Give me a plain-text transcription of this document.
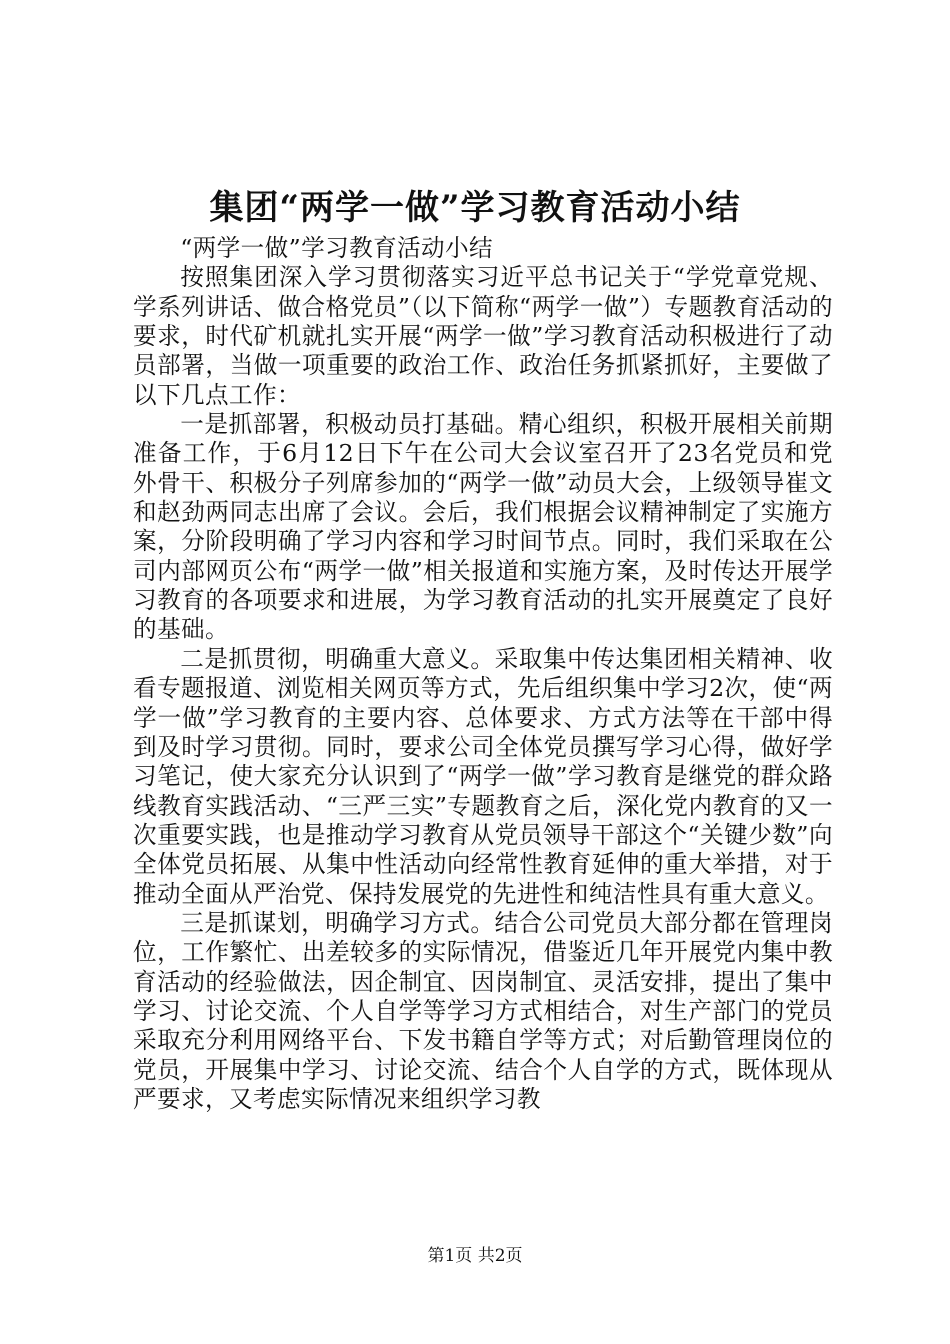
集团“两学一做”学习教育活动小结

“两学一做”学习教育活动小结

按照集团深入学习贯彻落实习近平总书记关于“学党章党规、学系列讲话、做合格党员”（以下简称“两学一做”）专题教育活动的要求，时代矿机就扎实开展“两学一做”学习教育活动积极进行了动员部署，当做一项重要的政治工作、政治任务抓紧抓好，主要做了以下几点工作：

一是抓部署，积极动员打基础。精心组织，积极开展相关前期准备工作，于6月12日下午在公司大会议室召开了23名党员和党外骨干、积极分子列席参加的“两学一做”动员大会，上级领导崔文和赵劲两同志出席了会议。会后，我们根据会议精神制定了实施方案，分阶段明确了学习内容和学习时间节点。同时，我们采取在公司内部网页公布“两学一做”相关报道和实施方案，及时传达开展学习教育的各项要求和进展，为学习教育活动的扎实开展奠定了良好的基础。

二是抓贯彻，明确重大意义。采取集中传达集团相关精神、收看专题报道、浏览相关网页等方式，先后组织集中学习2次，使“两学一做”学习教育的主要内容、总体要求、方式方法等在干部中得到及时学习贯彻。同时，要求公司全体党员撰写学习心得，做好学习笔记，使大家充分认识到了“两学一做”学习教育是继党的群众路线教育实践活动、“三严三实”专题教育之后，深化党内教育的又一次重要实践，也是推动学习教育从党员领导干部这个“关键少数”向全体党员拓展、从集中性活动向经常性教育延伸的重大举措，对于推动全面从严治党、保持发展党的先进性和纯洁性具有重大意义。

三是抓谋划，明确学习方式。结合公司党员大部分都在管理岗位，工作繁忙、出差较多的实际情况，借鉴近几年开展党内集中教育活动的经验做法，因企制宜、因岗制宜、灵活安排，提出了集中学习、讨论交流、个人自学等学习方式相结合，对生产部门的党员采取充分利用网络平台、下发书籍自学等方式；对后勤管理岗位的党员，开展集中学习、讨论交流、结合个人自学的方式，既体现从严要求，又考虑实际情况来组织学习教

第1页 共2页
